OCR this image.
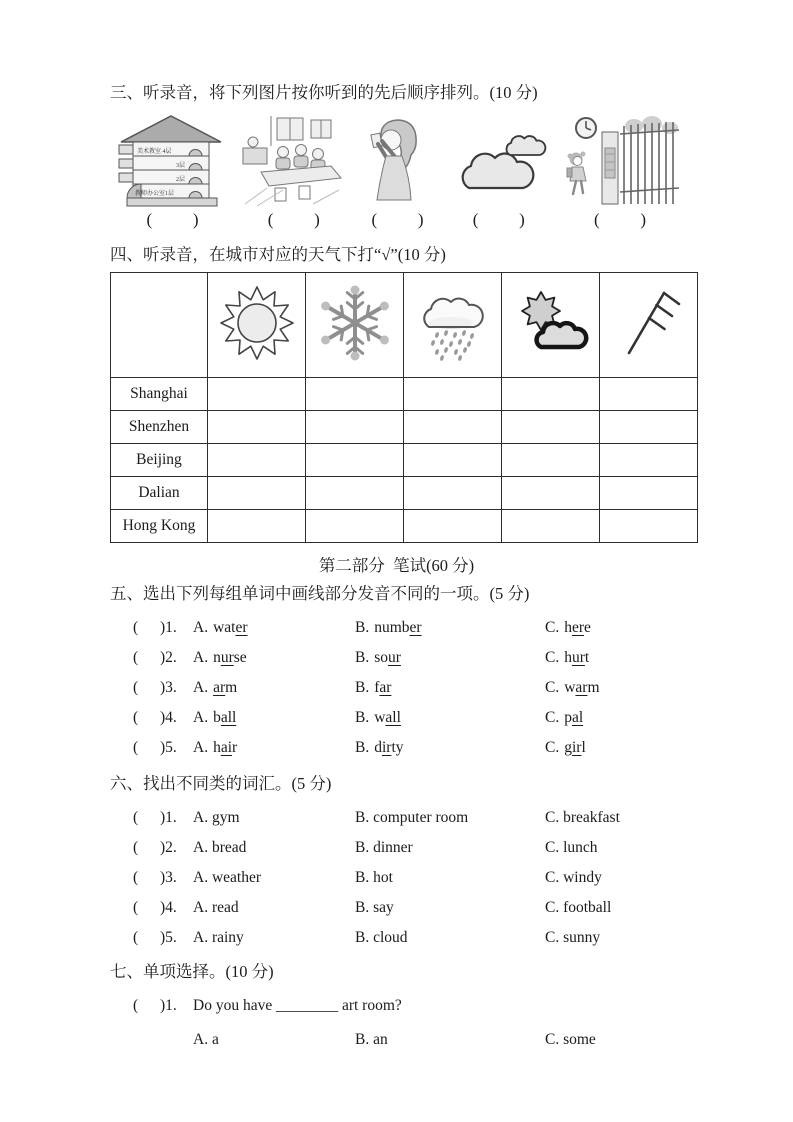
三、听录音，将下列图片按你听到的先后顺序排列。(10 分)
美术教室 4层
3层
2层
教师办公室1层
( )	( )	( )	( )	( )
四、听录音，在城市对应的天气下打“√”(10 分)

Shanghai					
Shenzhen					
Beijing					
Dalian					
Hong Kong					
第二部分  笔试(60 分)
五、选出下列每组单词中画线部分发音不同的一项。(5 分)
(	)1.	A. water	B. number	C. here
(	)2.	A. nurse	B. sour	C. hurt
(	)3.	A. arm	B. far	C. warm
(	)4.	A. ball	B. wall	C. pal
(	)5.	A. hair	B. dirty	C. girl
六、找出不同类的词汇。(5 分)
(	)1.	A. gym	B. computer room	C. breakfast
(	)2.	A. bread	B. dinner	C. lunch
(	)3.	A. weather	B. hot	C. windy
(	)4.	A. read	B. say	C. football
(	)5.	A. rainy	B. cloud	C. sunny
七、单项选择。(10 分)
(	)1.	Do you have ________ art room?
A. a	B. an	C. some
